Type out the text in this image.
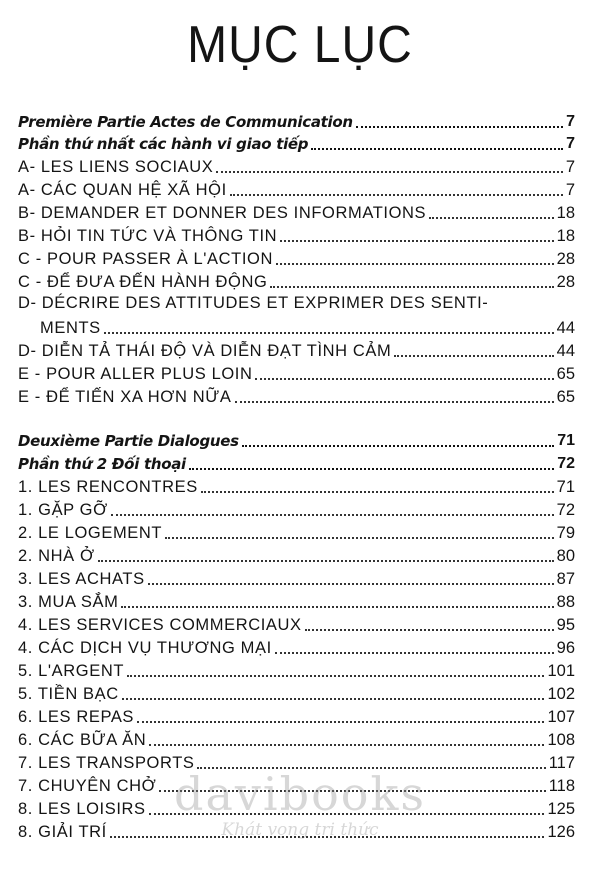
MỤC LỤC
Première Partie Actes de Communication	7
Phần thứ nhất các hành vi giao tiếp	7
A- LES LIENS SOCIAUX	7
A- CÁC QUAN HỆ XÃ HỘI	7
B- DEMANDER ET DONNER DES INFORMATIONS	18
B- HỎI TIN TỨC VÀ THÔNG TIN	18
C - POUR PASSER À L'ACTION	28
C - ĐỂ ĐƯA ĐẾN HÀNH ĐỘNG	28
D- DÉCRIRE DES ATTITUDES ET EXPRIMER DES SENTI-
MENTS	44
D- DIỄN TẢ THÁI ĐỘ VÀ DIỄN ĐẠT TÌNH CẢM	44
E - POUR ALLER PLUS LOIN	65
E - ĐỂ TIẾN XA HƠN NỮA	65
Deuxième Partie Dialogues	71
Phần thứ 2 Đối thoại	72
1. LES RENCONTRES	71
1. GẶP GỠ	72
2. LE LOGEMENT	79
2. NHÀ Ở	80
3. LES ACHATS	87
3. MUA SẮM	88
4. LES SERVICES COMMERCIAUX	95
4. CÁC DỊCH VỤ THƯƠNG MẠI	96
5. L'ARGENT	101
5. TIỀN BẠC	102
6. LES REPAS	107
6. CÁC BỮA ĂN	108
7. LES TRANSPORTS	117
7. CHUYÊN CHỞ	118
8. LES LOISIRS	125
8. GIẢI TRÍ	126
davibooks
Khát vọng tri thức
